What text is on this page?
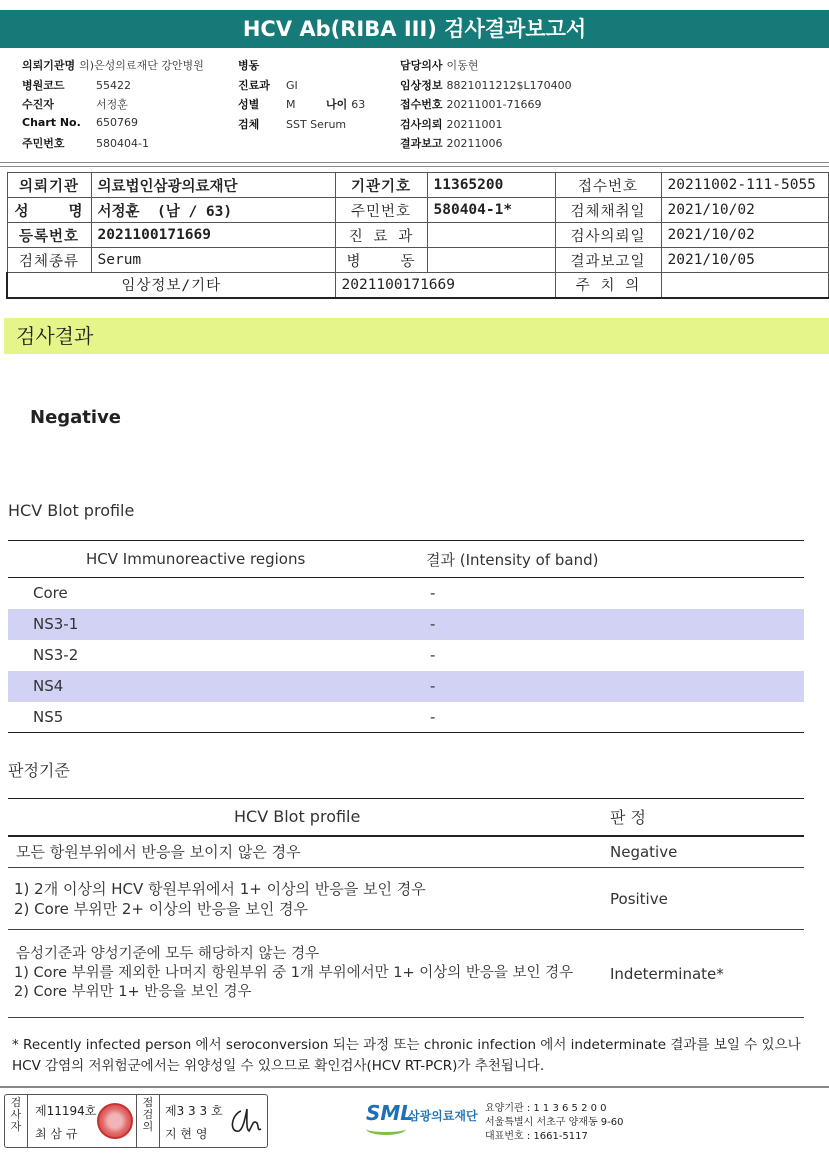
HCV Ab(RIBA III) 검사결과보고서
의뢰기관명 의)은성의료재단 강안병원	병동	담당의사 이동현
병원코드	55422	진료과 GI	임상정보 8821011212$L170400
수진자	서정훈	성별 M	나이 63	접수번호 20211001-71669
Chart No. 650769	검체 SST Serum	검사의뢰 20211001
주민번호	580404-1	결과보고 20211006
의뢰기관	의료법인삼광의료재단	기관기호	11365200	접수번호	20211002-111-5055
성    명	서정훈  (남 / 63)	주민번호	580404-1*	검체채취일	2021/10/02
등록번호	2021100171669	진 료 과		검사의뢰일	2021/10/02
검체종류	Serum	병    동		결과보고일	2021/10/05
임상정보/기타		2021100171669		주 치 의	
검사결과
Negative
HCV Blot profile
HCV Immunoreactive regions	결과 (Intensity of band)
Core	-
NS3-1	-
NS3-2	-
NS4	-
NS5	-
판정기준
HCV Blot profile	판 정
모든 항원부위에서 반응을 보이지 않은 경우	Negative

1) 2개 이상의 HCV 항원부위에서 1+ 이상의 반응을 보인 경우
2) Core 부위만 2+ 이상의 반응을 보인 경우	Positive

음성기준과 양성기준에 모두 해당하지 않는 경우
1) Core 부위를 제외한 나머지 항원부위 중 1개 부위에서만 1+ 이상의 반응을 보인 경우
2) Core 부위만 1+ 반응을 보인 경우	Indeterminate*
* Recently infected person 에서 seroconversion 되는 과정 또는 chronic infection 에서 indeterminate 결과를 보일 수 있으나 HCV 감염의 저위험군에서는 위양성일 수 있으므로 확인검사(HCV RT-PCR)가 추천됩니다.
검사자
제11194호
최 삼 규
점검의
제3 3 3 호
지 현 영
SML
삼광의료재단
요양기관 : 1 1 3 6 5 2 0 0
서울특별시 서초구 양재동 9-60
대표번호 : 1661-5117
